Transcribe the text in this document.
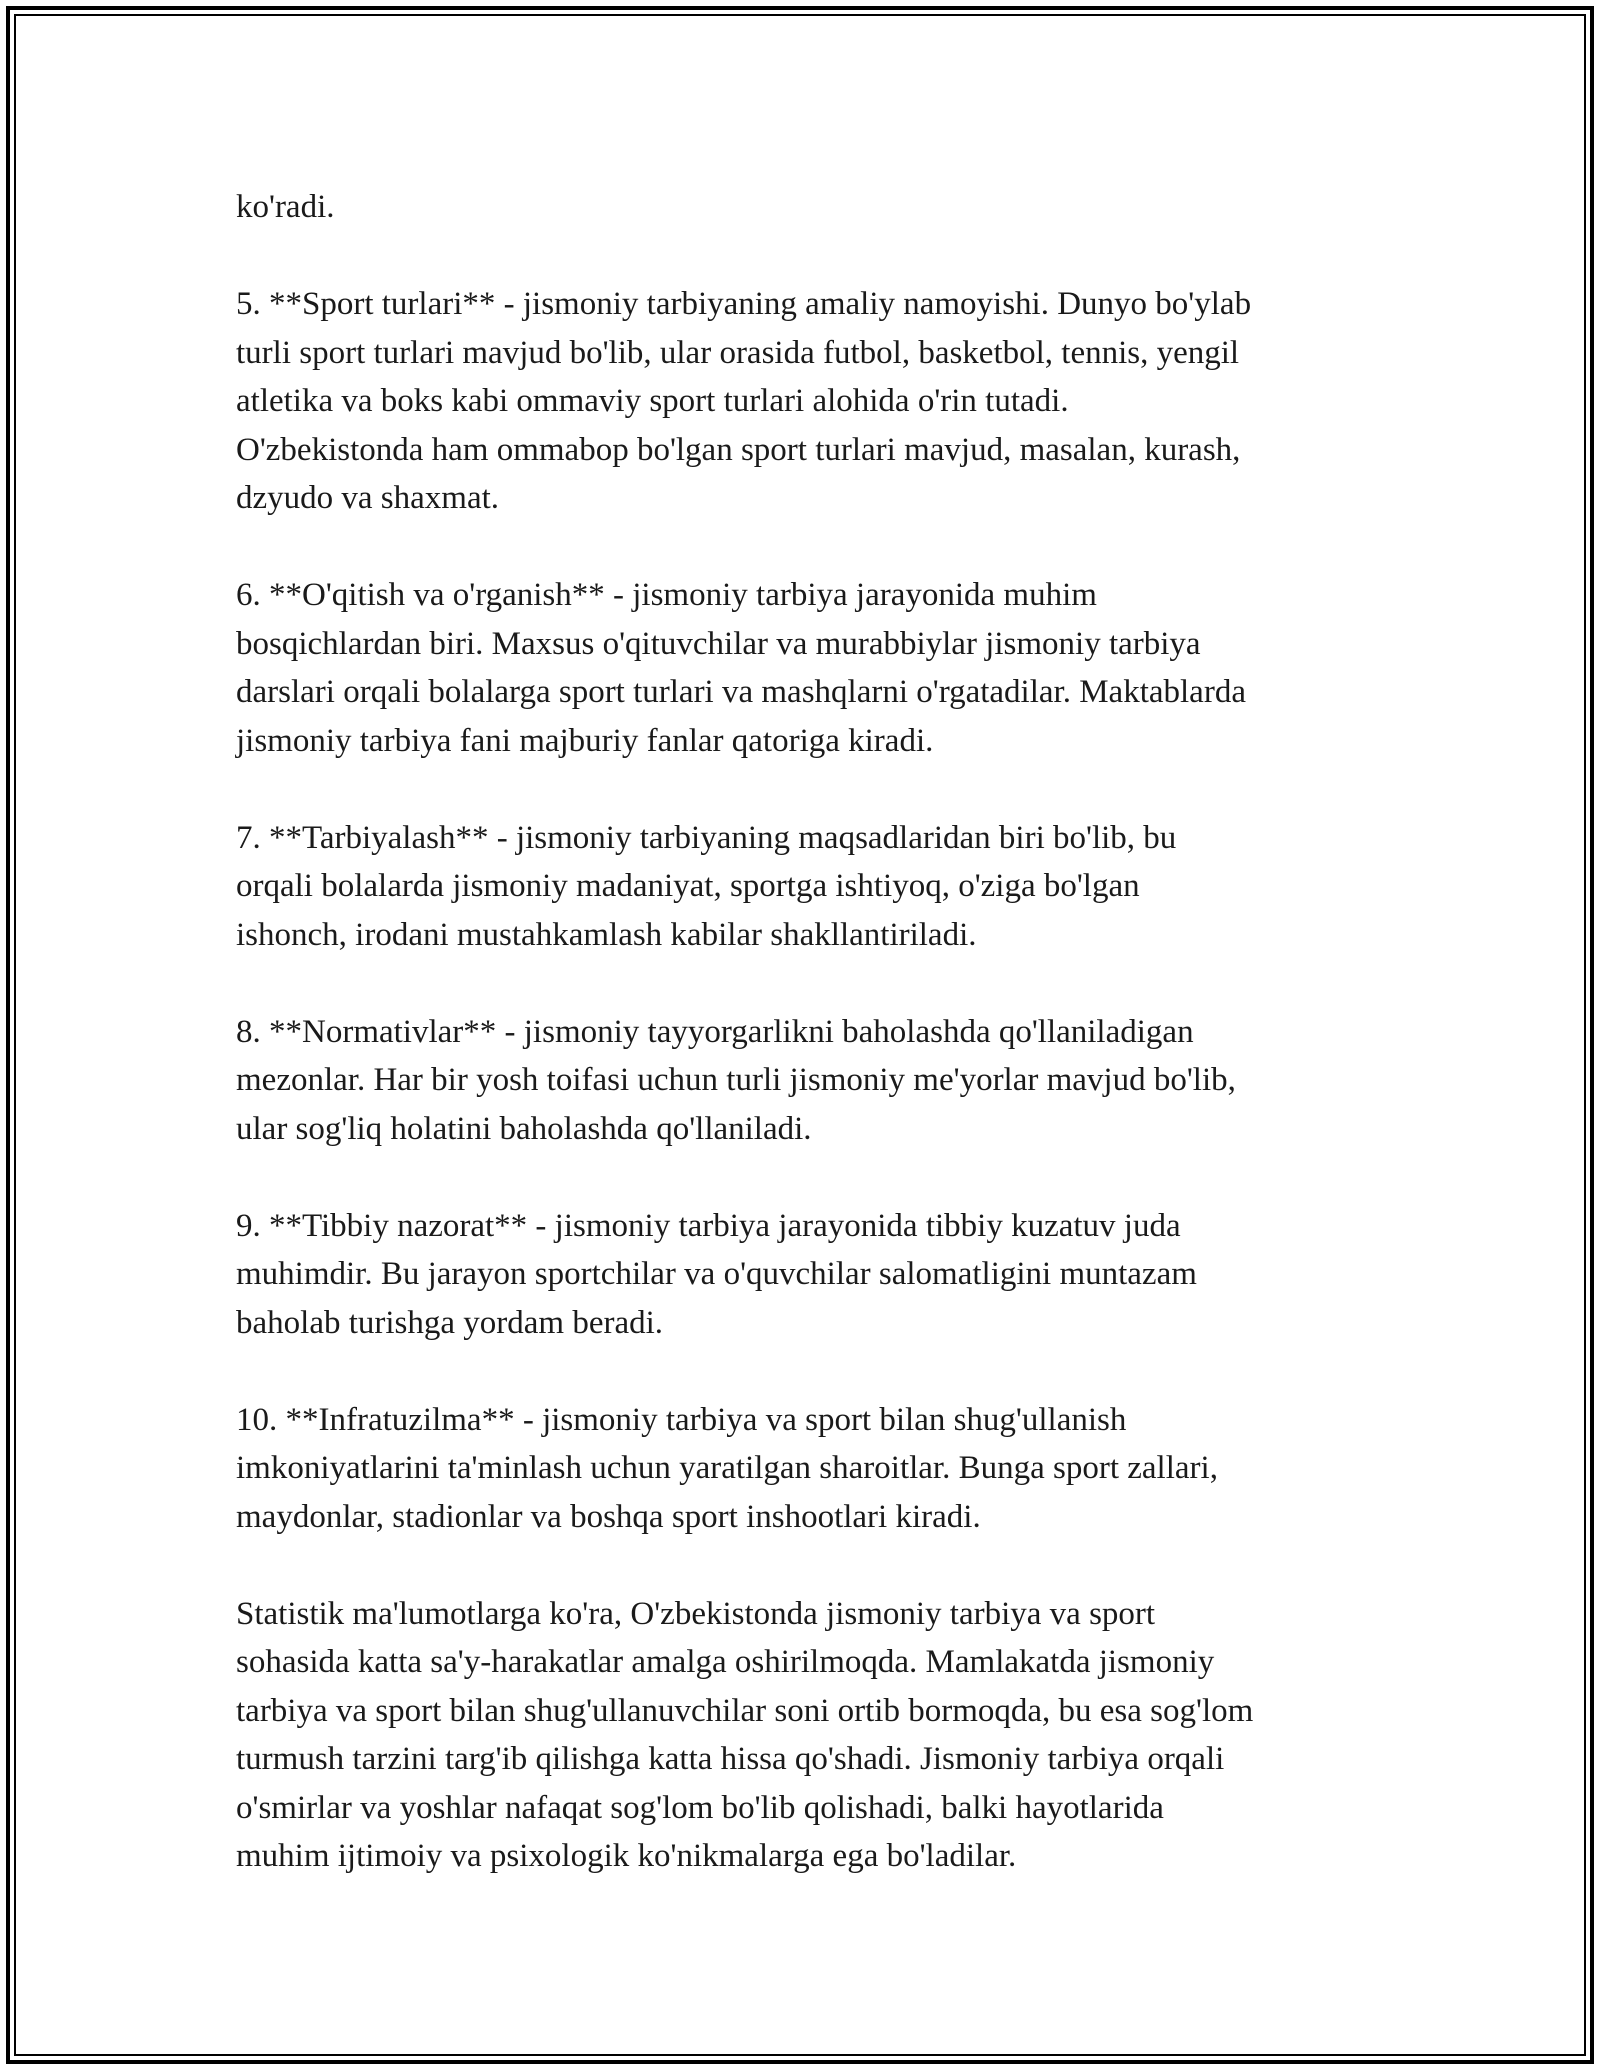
ko'radi.

5. **Sport turlari** - jismoniy tarbiyaning amaliy namoyishi. Dunyo bo'ylab
turli sport turlari mavjud bo'lib, ular orasida futbol, basketbol, tennis, yengil
atletika va boks kabi ommaviy sport turlari alohida o'rin tutadi.
O'zbekistonda ham ommabop bo'lgan sport turlari mavjud, masalan, kurash,
dzyudo va shaxmat.

6. **O'qitish va o'rganish** - jismoniy tarbiya jarayonida muhim
bosqichlardan biri. Maxsus o'qituvchilar va murabbiylar jismoniy tarbiya
darslari orqali bolalarga sport turlari va mashqlarni o'rgatadilar. Maktablarda
jismoniy tarbiya fani majburiy fanlar qatoriga kiradi.

7. **Tarbiyalash** - jismoniy tarbiyaning maqsadlaridan biri bo'lib, bu
orqali bolalarda jismoniy madaniyat, sportga ishtiyoq, o'ziga bo'lgan
ishonch, irodani mustahkamlash kabilar shakllantiriladi.

8. **Normativlar** - jismoniy tayyorgarlikni baholashda qo'llaniladigan
mezonlar. Har bir yosh toifasi uchun turli jismoniy me'yorlar mavjud bo'lib,
ular sog'liq holatini baholashda qo'llaniladi.

9. **Tibbiy nazorat** - jismoniy tarbiya jarayonida tibbiy kuzatuv juda
muhimdir. Bu jarayon sportchilar va o'quvchilar salomatligini muntazam
baholab turishga yordam beradi.

10. **Infratuzilma** - jismoniy tarbiya va sport bilan shug'ullanish
imkoniyatlarini ta'minlash uchun yaratilgan sharoitlar. Bunga sport zallari,
maydonlar, stadionlar va boshqa sport inshootlari kiradi.

Statistik ma'lumotlarga ko'ra, O'zbekistonda jismoniy tarbiya va sport
sohasida katta sa'y-harakatlar amalga oshirilmoqda. Mamlakatda jismoniy
tarbiya va sport bilan shug'ullanuvchilar soni ortib bormoqda, bu esa sog'lom
turmush tarzini targ'ib qilishga katta hissa qo'shadi. Jismoniy tarbiya orqali
o'smirlar va yoshlar nafaqat sog'lom bo'lib qolishadi, balki hayotlarida
muhim ijtimoiy va psixologik ko'nikmalarga ega bo'ladilar.
